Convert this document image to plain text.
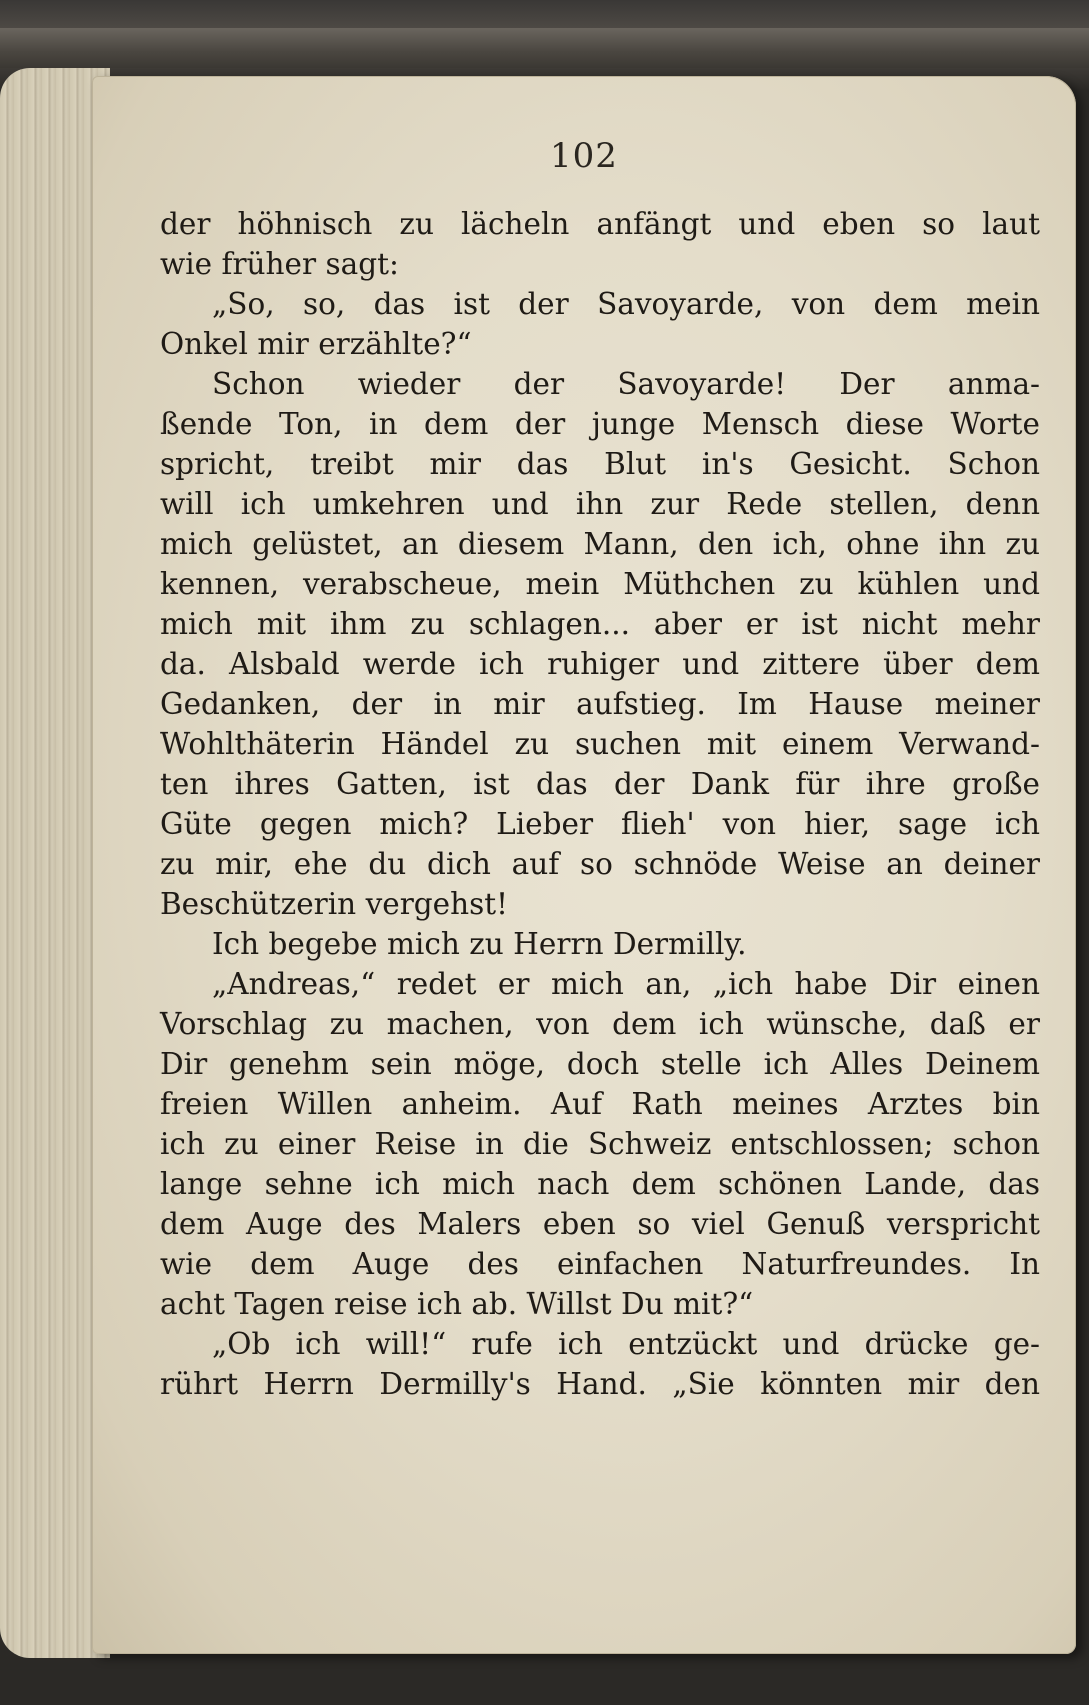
102
der höhnisch zu lächeln anfängt und eben so laut
wie früher sagt:
„So, so, das ist der Savoyarde, von dem mein
Onkel mir erzählte?“
Schon wieder der Savoyarde! Der anma-
ßende Ton, in dem der junge Mensch diese Worte
spricht, treibt mir das Blut in's Gesicht. Schon
will ich umkehren und ihn zur Rede stellen, denn
mich gelüstet, an diesem Mann, den ich, ohne ihn zu
kennen, verabscheue, mein Müthchen zu kühlen und
mich mit ihm zu schlagen... aber er ist nicht mehr
da. Alsbald werde ich ruhiger und zittere über dem
Gedanken, der in mir aufstieg. Im Hause meiner
Wohlthäterin Händel zu suchen mit einem Verwand-
ten ihres Gatten, ist das der Dank für ihre große
Güte gegen mich? Lieber flieh' von hier, sage ich
zu mir, ehe du dich auf so schnöde Weise an deiner
Beschützerin vergehst!
Ich begebe mich zu Herrn Dermilly.
„Andreas,“ redet er mich an, „ich habe Dir einen
Vorschlag zu machen, von dem ich wünsche, daß er
Dir genehm sein möge, doch stelle ich Alles Deinem
freien Willen anheim. Auf Rath meines Arztes bin
ich zu einer Reise in die Schweiz entschlossen; schon
lange sehne ich mich nach dem schönen Lande, das
dem Auge des Malers eben so viel Genuß verspricht
wie dem Auge des einfachen Naturfreundes. In
acht Tagen reise ich ab. Willst Du mit?“
„Ob ich will!“ rufe ich entzückt und drücke ge-
rührt Herrn Dermilly's Hand. „Sie könnten mir den
